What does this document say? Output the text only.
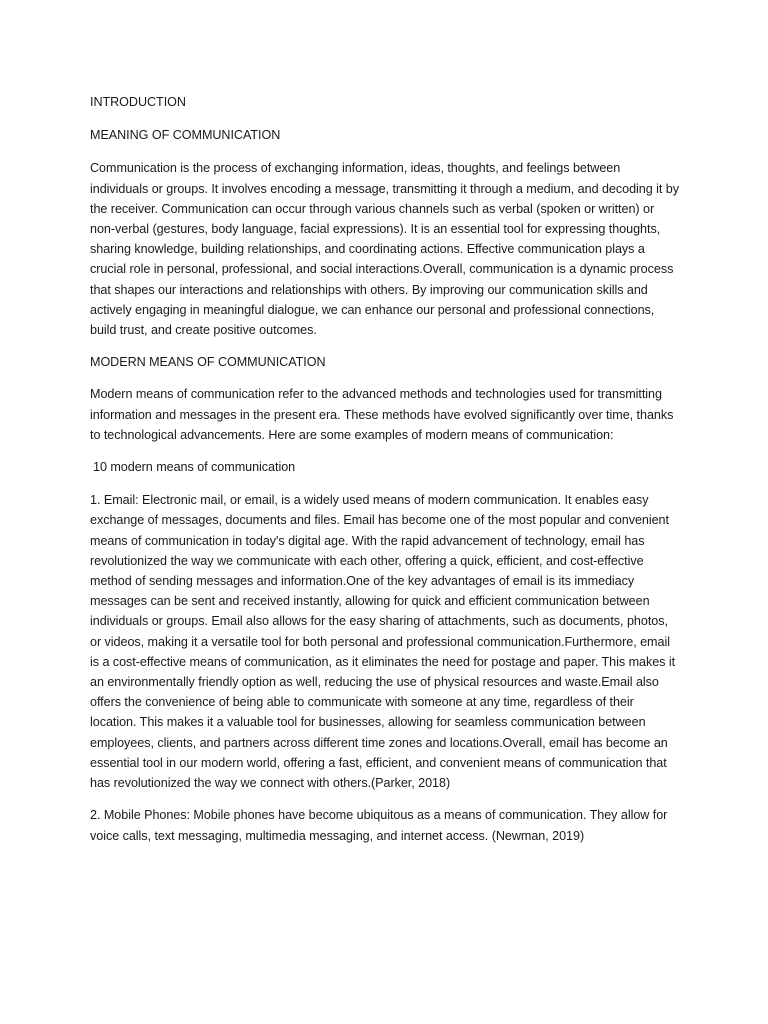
INTRODUCTION

MEANING OF COMMUNICATION

Communication is the process of exchanging information, ideas, thoughts, and feelings between individuals or groups. It involves encoding a message, transmitting it through a medium, and decoding it by the receiver. Communication can occur through various channels such as verbal (spoken or written) or non-verbal (gestures, body language, facial expressions). It is an essential tool for expressing thoughts, sharing knowledge, building relationships, and coordinating actions. Effective communication plays a crucial role in personal, professional, and social interactions.Overall, communication is a dynamic process that shapes our interactions and relationships with others. By improving our communication skills and actively engaging in meaningful dialogue, we can enhance our personal and professional connections, build trust, and create positive outcomes.

MODERN MEANS OF COMMUNICATION

Modern means of communication refer to the advanced methods and technologies used for transmitting information and messages in the present era. These methods have evolved significantly over time, thanks to technological advancements. Here are some examples of modern means of communication:

10 modern means of communication

1. Email: Electronic mail, or email, is a widely used means of modern communication. It enables easy exchange of messages, documents and files. Email has become one of the most popular and convenient means of communication in today's digital age. With the rapid advancement of technology, email has revolutionized the way we communicate with each other, offering a quick, efficient, and cost-effective method of sending messages and information.One of the key advantages of email is its immediacy messages can be sent and received instantly, allowing for quick and efficient communication between individuals or groups. Email also allows for the easy sharing of attachments, such as documents, photos, or videos, making it a versatile tool for both personal and professional communication.Furthermore, email is a cost-effective means of communication, as it eliminates the need for postage and paper. This makes it an environmentally friendly option as well, reducing the use of physical resources and waste.Email also offers the convenience of being able to communicate with someone at any time, regardless of their location. This makes it a valuable tool for businesses, allowing for seamless communication between employees, clients, and partners across different time zones and locations.Overall, email has become an essential tool in our modern world, offering a fast, efficient, and convenient means of communication that has revolutionized the way we connect with others.(Parker, 2018)

2. Mobile Phones: Mobile phones have become ubiquitous as a means of communication. They allow for voice calls, text messaging, multimedia messaging, and internet access. (Newman, 2019)
